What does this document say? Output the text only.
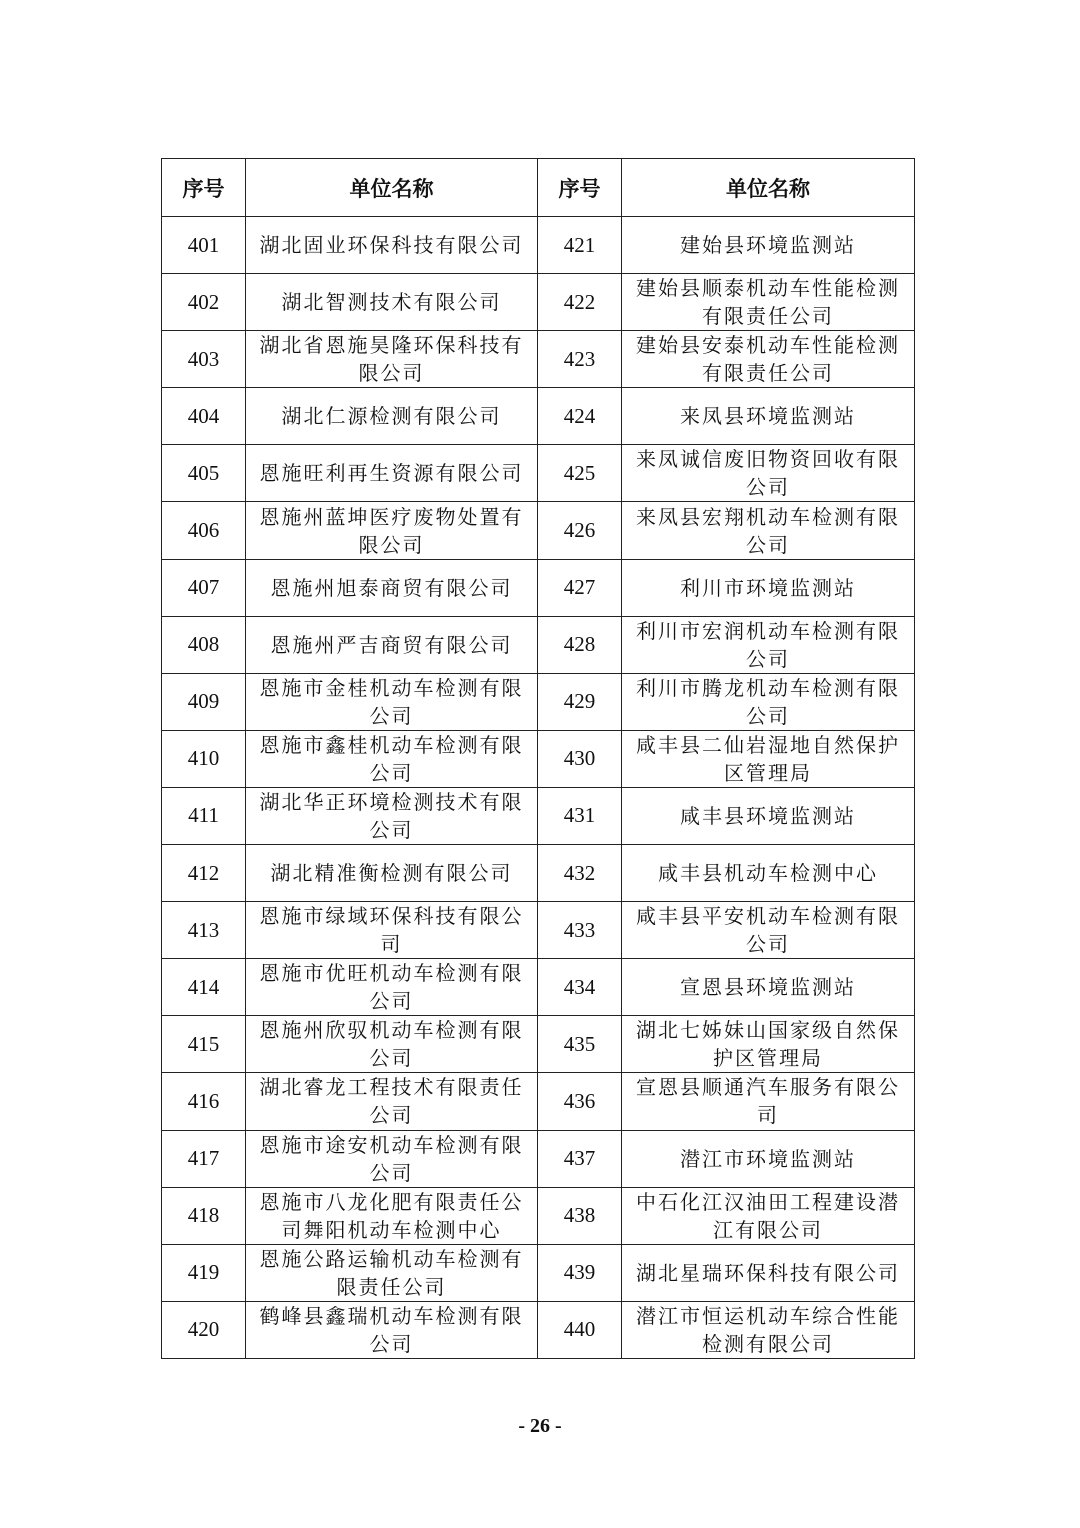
序号	单位名称	序号	单位名称
401	湖北固业环保科技有限公司	421	建始县环境监测站
402	湖北智测技术有限公司	422	建始县顺泰机动车性能检测有限责任公司
403	湖北省恩施昊隆环保科技有限公司	423	建始县安泰机动车性能检测有限责任公司
404	湖北仁源检测有限公司	424	来凤县环境监测站
405	恩施旺利再生资源有限公司	425	来凤诚信废旧物资回收有限公司
406	恩施州蓝坤医疗废物处置有限公司	426	来凤县宏翔机动车检测有限公司
407	恩施州旭泰商贸有限公司	427	利川市环境监测站
408	恩施州严吉商贸有限公司	428	利川市宏润机动车检测有限公司
409	恩施市金桂机动车检测有限公司	429	利川市腾龙机动车检测有限公司
410	恩施市鑫桂机动车检测有限公司	430	咸丰县二仙岩湿地自然保护区管理局
411	湖北华正环境检测技术有限公司	431	咸丰县环境监测站
412	湖北精准衡检测有限公司	432	咸丰县机动车检测中心
413	恩施市绿域环保科技有限公司	433	咸丰县平安机动车检测有限公司
414	恩施市优旺机动车检测有限公司	434	宣恩县环境监测站
415	恩施州欣驭机动车检测有限公司	435	湖北七姊妹山国家级自然保护区管理局
416	湖北睿龙工程技术有限责任公司	436	宣恩县顺通汽车服务有限公司
417	恩施市途安机动车检测有限公司	437	潜江市环境监测站
418	恩施市八龙化肥有限责任公司舞阳机动车检测中心	438	中石化江汉油田工程建设潜江有限公司
419	恩施公路运输机动车检测有限责任公司	439	湖北星瑞环保科技有限公司
420	鹤峰县鑫瑞机动车检测有限公司	440	潜江市恒运机动车综合性能检测有限公司
- 26 -
